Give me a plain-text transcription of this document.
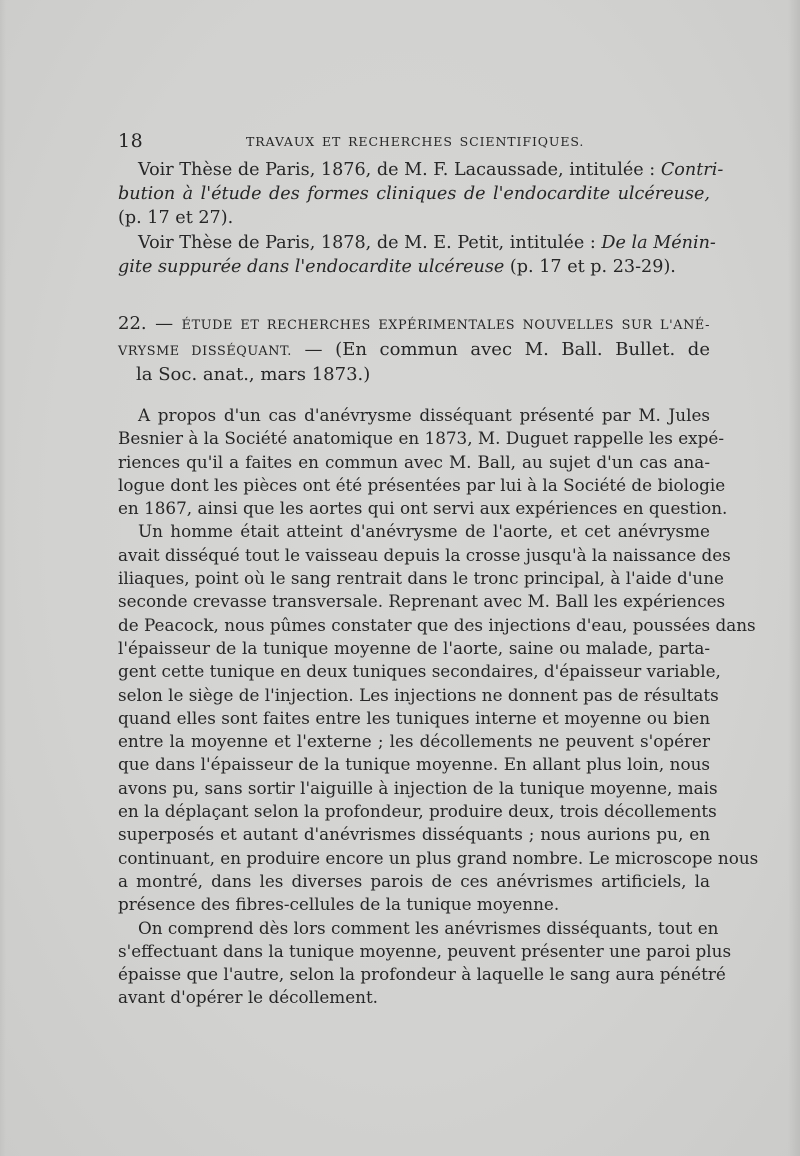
18	TRAVAUX ET RECHERCHES SCIENTIFIQUES.
Voir Thèse de Paris, 1876, de M. F. Lacaussade, intitulée : Contri-
bution à l'étude des formes cliniques de l'endocardite ulcéreuse,
(p. 17 et 27).
Voir Thèse de Paris, 1878, de M. E. Petit, intitulée : De la Ménin-
gite suppurée dans l'endocardite ulcéreuse (p. 17 et p. 23-29).
22. — ÉTUDE ET RECHERCHES EXPÉRIMENTALES NOUVELLES SUR L'ANÉ-
VRYSME DISSÉQUANT. — (En commun avec M. Ball. Bullet. de
la Soc. anat., mars 1873.)
A propos d'un cas d'anévrysme disséquant présenté par M. Jules
Besnier à la Société anatomique en 1873, M. Duguet rappelle les expé-
riences qu'il a faites en commun avec M. Ball, au sujet d'un cas ana-
logue dont les pièces ont été présentées par lui à la Société de biologie
en 1867, ainsi que les aortes qui ont servi aux expériences en question.
Un homme était atteint d'anévrysme de l'aorte, et cet anévrysme
avait disséqué tout le vaisseau depuis la crosse jusqu'à la naissance des
iliaques, point où le sang rentrait dans le tronc principal, à l'aide d'une
seconde crevasse transversale. Reprenant avec M. Ball les expériences
de Peacock, nous pûmes constater que des injections d'eau, poussées dans
l'épaisseur de la tunique moyenne de l'aorte, saine ou malade, parta-
gent cette tunique en deux tuniques secondaires, d'épaisseur variable,
selon le siège de l'injection. Les injections ne donnent pas de résultats
quand elles sont faites entre les tuniques interne et moyenne ou bien
entre la moyenne et l'externe ; les décollements ne peuvent s'opérer
que dans l'épaisseur de la tunique moyenne. En allant plus loin, nous
avons pu, sans sortir l'aiguille à injection de la tunique moyenne, mais
en la déplaçant selon la profondeur, produire deux, trois décollements
superposés et autant d'anévrismes disséquants ; nous aurions pu, en
continuant, en produire encore un plus grand nombre. Le microscope nous
a montré, dans les diverses parois de ces anévrismes artificiels, la
présence des fibres-cellules de la tunique moyenne.
On comprend dès lors comment les anévrismes disséquants, tout en
s'effectuant dans la tunique moyenne, peuvent présenter une paroi plus
épaisse que l'autre, selon la profondeur à laquelle le sang aura pénétré
avant d'opérer le décollement.
